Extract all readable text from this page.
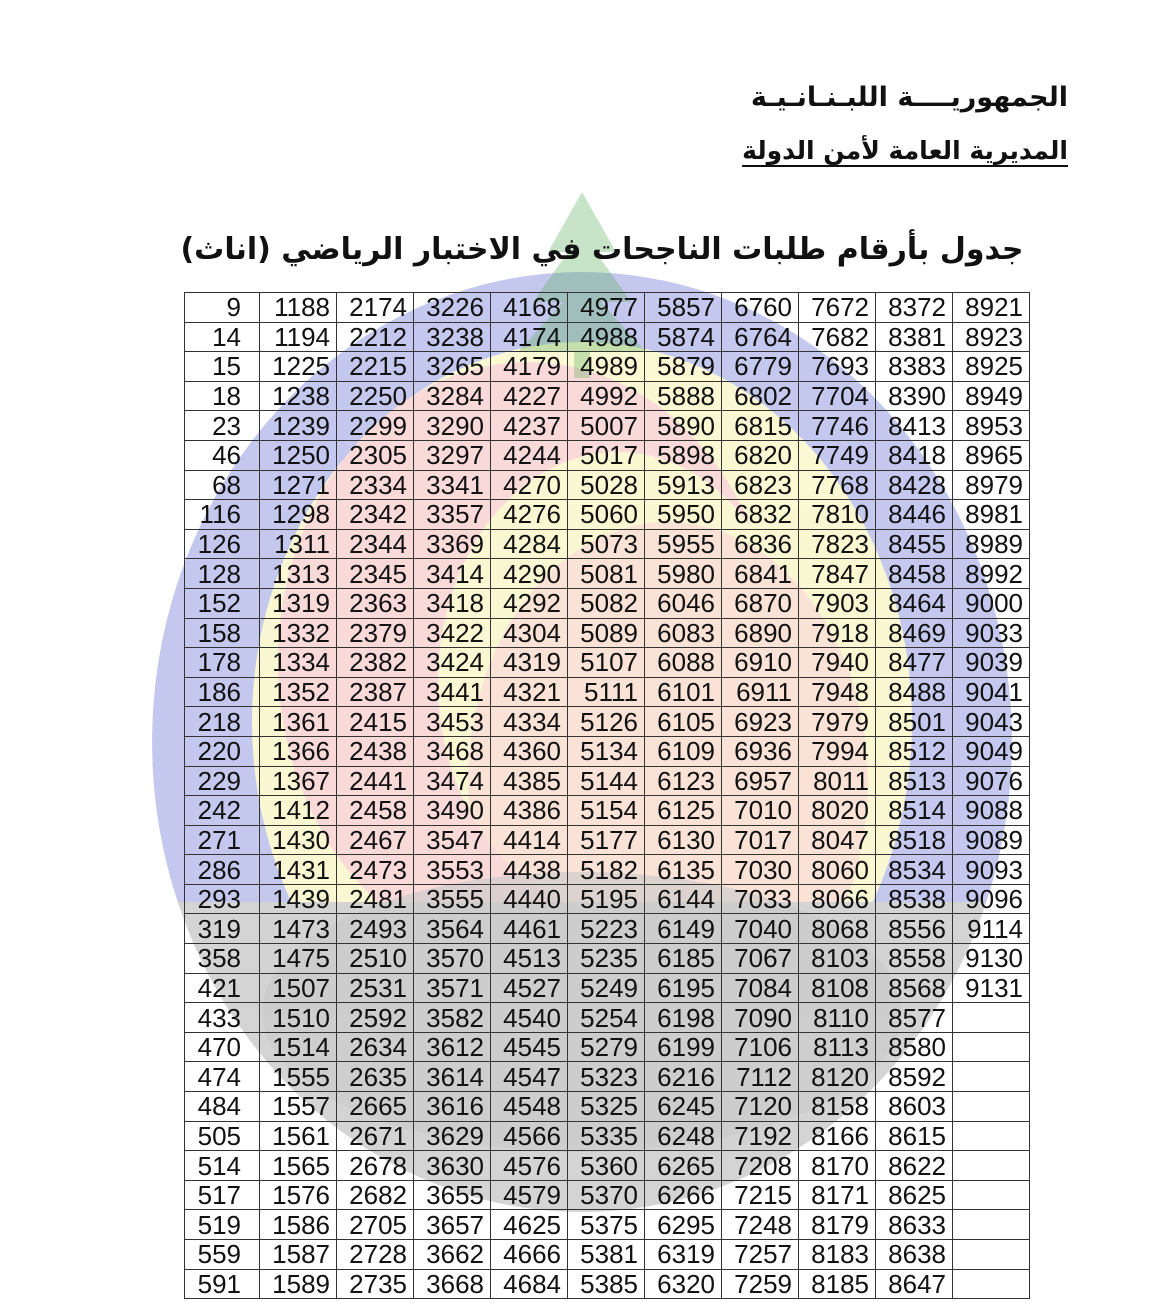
الجمهوريــــة اللبـنـانـيـة
المديرية العامة لأمن الدولة
جدول بأرقام طلبات الناجحات في الاختبار الرياضي (اناث)
9	1188	2174	3226	4168	4977	5857	6760	7672	8372	8921
14	1194	2212	3238	4174	4988	5874	6764	7682	8381	8923
15	1225	2215	3265	4179	4989	5879	6779	7693	8383	8925
18	1238	2250	3284	4227	4992	5888	6802	7704	8390	8949
23	1239	2299	3290	4237	5007	5890	6815	7746	8413	8953
46	1250	2305	3297	4244	5017	5898	6820	7749	8418	8965
68	1271	2334	3341	4270	5028	5913	6823	7768	8428	8979
116	1298	2342	3357	4276	5060	5950	6832	7810	8446	8981
126	1311	2344	3369	4284	5073	5955	6836	7823	8455	8989
128	1313	2345	3414	4290	5081	5980	6841	7847	8458	8992
152	1319	2363	3418	4292	5082	6046	6870	7903	8464	9000
158	1332	2379	3422	4304	5089	6083	6890	7918	8469	9033
178	1334	2382	3424	4319	5107	6088	6910	7940	8477	9039
186	1352	2387	3441	4321	5111	6101	6911	7948	8488	9041
218	1361	2415	3453	4334	5126	6105	6923	7979	8501	9043
220	1366	2438	3468	4360	5134	6109	6936	7994	8512	9049
229	1367	2441	3474	4385	5144	6123	6957	8011	8513	9076
242	1412	2458	3490	4386	5154	6125	7010	8020	8514	9088
271	1430	2467	3547	4414	5177	6130	7017	8047	8518	9089
286	1431	2473	3553	4438	5182	6135	7030	8060	8534	9093
293	1439	2481	3555	4440	5195	6144	7033	8066	8538	9096
319	1473	2493	3564	4461	5223	6149	7040	8068	8556	9114
358	1475	2510	3570	4513	5235	6185	7067	8103	8558	9130
421	1507	2531	3571	4527	5249	6195	7084	8108	8568	9131
433	1510	2592	3582	4540	5254	6198	7090	8110	8577	
470	1514	2634	3612	4545	5279	6199	7106	8113	8580	
474	1555	2635	3614	4547	5323	6216	7112	8120	8592	
484	1557	2665	3616	4548	5325	6245	7120	8158	8603	
505	1561	2671	3629	4566	5335	6248	7192	8166	8615	
514	1565	2678	3630	4576	5360	6265	7208	8170	8622	
517	1576	2682	3655	4579	5370	6266	7215	8171	8625	
519	1586	2705	3657	4625	5375	6295	7248	8179	8633	
559	1587	2728	3662	4666	5381	6319	7257	8183	8638	
591	1589	2735	3668	4684	5385	6320	7259	8185	8647	
